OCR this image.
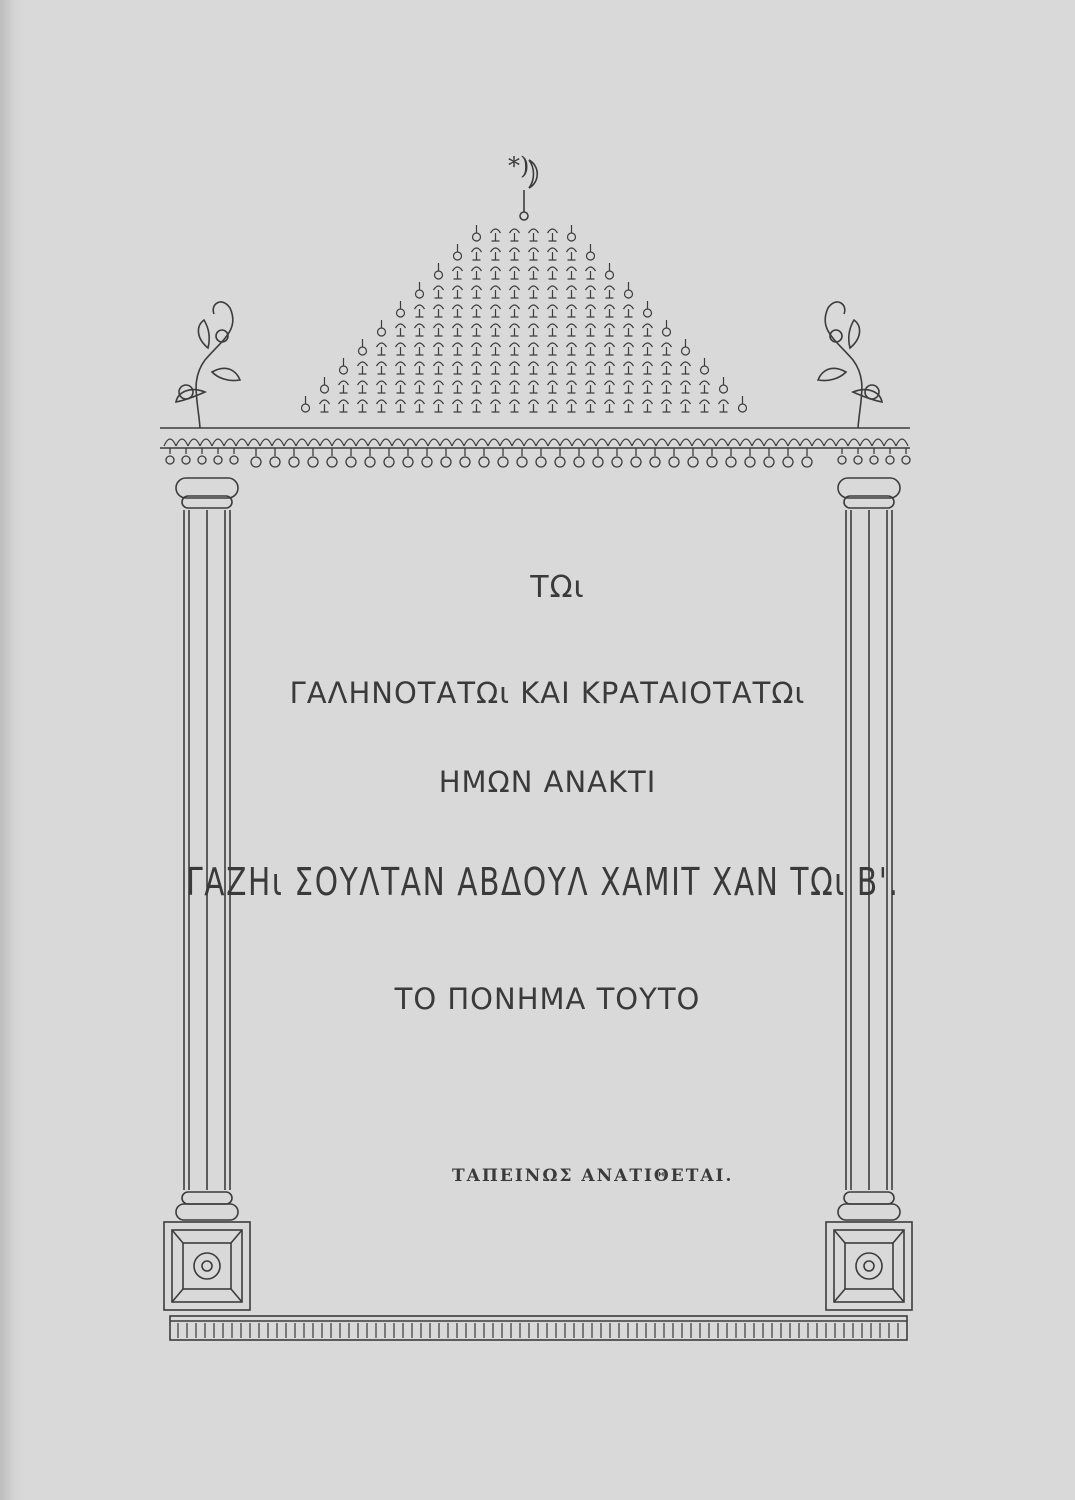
*)
ΤΩι
ΓΑΛΗΝΟΤΑΤΩι ΚΑΙ ΚΡΑΤΑΙΟΤΑΤΩι
ΗΜΩΝ ΑΝΑΚΤΙ
ΓΑΖΗι ΣΟΥΛΤΑΝ ΑΒΔΟΥΛ ΧΑΜΙΤ ΧΑΝ ΤΩι Β'.
ΤΟ ΠΟΝΗΜΑ ΤΟΥΤΟ
ΤΑΠΕΙΝΩΣ ΑΝΑΤΙΘΕΤΑΙ.
